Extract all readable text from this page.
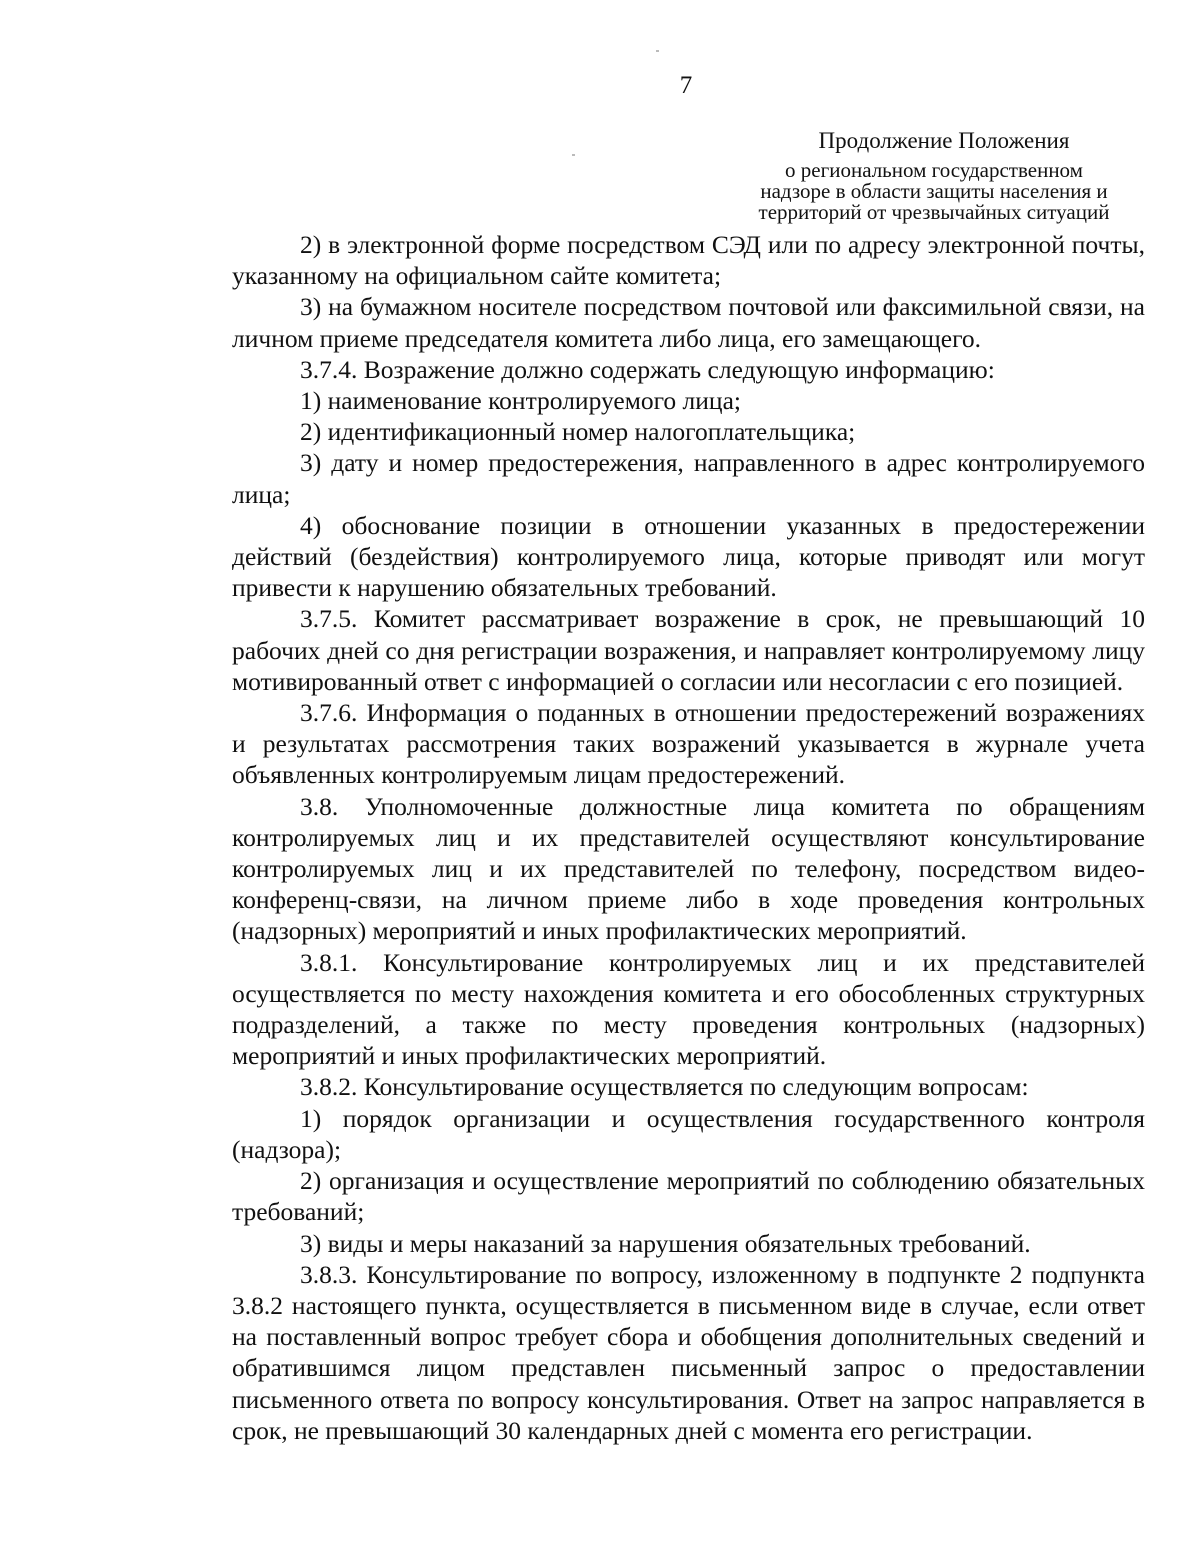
7
Продолжение Положения
о региональном государственном
надзоре в области защиты населения и
территорий от чрезвычайных ситуаций

2) в электронной форме посредством СЭД или по адресу электронной почты, указанному на официальном сайте комитета;

3) на бумажном носителе посредством почтовой или факсимильной связи, на личном приеме председателя комитета либо лица, его замещающего.

3.7.4. Возражение должно содержать следующую информацию:

1) наименование контролируемого лица;

2) идентификационный номер налогоплательщика;

3) дату и номер предостережения, направленного в адрес контролируемого лица;

4) обоснование позиции в отношении указанных в предостережении действий (бездействия) контролируемого лица, которые приводят или могут привести к нарушению обязательных требований.

3.7.5. Комитет рассматривает возражение в срок, не превышающий 10 рабочих дней со дня регистрации возражения, и направляет контролируемому лицу мотивированный ответ с информацией о согласии или несогласии с его позицией.

3.7.6. Информация о поданных в отношении предостережений возражениях и результатах рассмотрения таких возражений указывается в журнале учета объявленных контролируемым лицам предостережений.

3.8. Уполномоченные должностные лица комитета по обращениям контролируемых лиц и их представителей осуществляют консультирование контролируемых лиц и их представителей по телефону, посредством видео-конференц-связи, на личном приеме либо в ходе проведения контрольных (надзорных) мероприятий и иных профилактических мероприятий.

3.8.1. Консультирование контролируемых лиц и их представителей осуществляется по месту нахождения комитета и его обособленных структурных подразделений, а также по месту проведения контрольных (надзорных) мероприятий и иных профилактических мероприятий.

3.8.2. Консультирование осуществляется по следующим вопросам:

1) порядок организации и осуществления государственного контроля (надзора);

2) организация и осуществление мероприятий по соблюдению обязательных требований;

3) виды и меры наказаний за нарушения обязательных требований.

3.8.3. Консультирование по вопросу, изложенному в подпункте 2 подпункта 3.8.2 настоящего пункта, осуществляется в письменном виде в случае, если ответ на поставленный вопрос требует сбора и обобщения дополнительных сведений и обратившимся лицом представлен письменный запрос о предоставлении письменного ответа по вопросу консультирования. Ответ на запрос направляется в срок, не превышающий 30 календарных дней с момента его регистрации.
